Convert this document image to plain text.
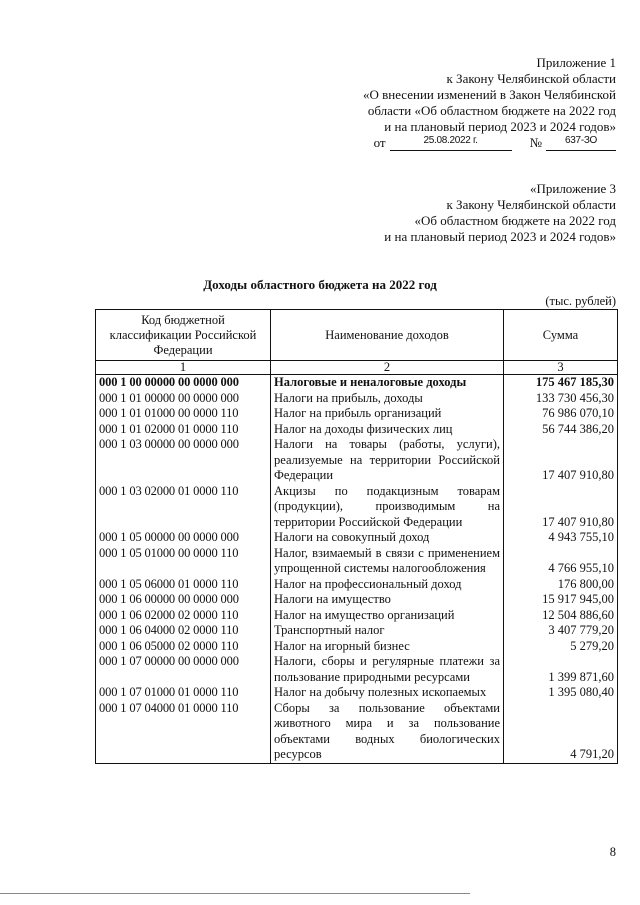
Приложение 1
к Закону Челябинской области
«О внесении изменений в Закон Челябинской
области «Об областном бюджете на 2022 год
и на плановый период 2023 и 2024 годов»
от	25.08.2022 г.	№	637-ЗО
«Приложение 3
к Закону Челябинской области
«Об областном бюджете на 2022 год
и на плановый период 2023 и 2024 годов»
Доходы областного бюджета на 2022 год
(тыс. рублей)
Код бюджетной классификации Российской Федерации	Наименование доходов	Сумма
1	2	3
000 1 00 00000 00 0000 000	Налоговые и неналоговые доходы	175 467 185,30
000 1 01 00000 00 0000 000	Налоги на прибыль, доходы	133 730 456,30
000 1 01 01000 00 0000 110	Налог на прибыль организаций	76 986 070,10
000 1 01 02000 01 0000 110	Налог на доходы физических лиц	56 744 386,20
000 1 03 00000 00 0000 000	Налоги на товары (работы, услуги), реализуемые на территории Российской Федерации	17 407 910,80
000 1 03 02000 01 0000 110	Акцизы по подакцизным товарам (продукции), производимым на территории Российской Федерации	17 407 910,80
000 1 05 00000 00 0000 000	Налоги на совокупный доход	4 943 755,10
000 1 05 01000 00 0000 110	Налог, взимаемый в связи с применением упрощенной системы налогообложения	4 766 955,10
000 1 05 06000 01 0000 110	Налог на профессиональный доход	176 800,00
000 1 06 00000 00 0000 000	Налоги на имущество	15 917 945,00
000 1 06 02000 02 0000 110	Налог на имущество организаций	12 504 886,60
000 1 06 04000 02 0000 110	Транспортный налог	3 407 779,20
000 1 06 05000 02 0000 110	Налог на игорный бизнес	5 279,20
000 1 07 00000 00 0000 000	Налоги, сборы и регулярные платежи за пользование природными ресурсами	1 399 871,60
000 1 07 01000 01 0000 110	Налог на добычу полезных ископаемых	1 395 080,40
000 1 07 04000 01 0000 110	Сборы за пользование объектами животного мира и за пользование объектами водных биологических ресурсов	4 791,20
8
